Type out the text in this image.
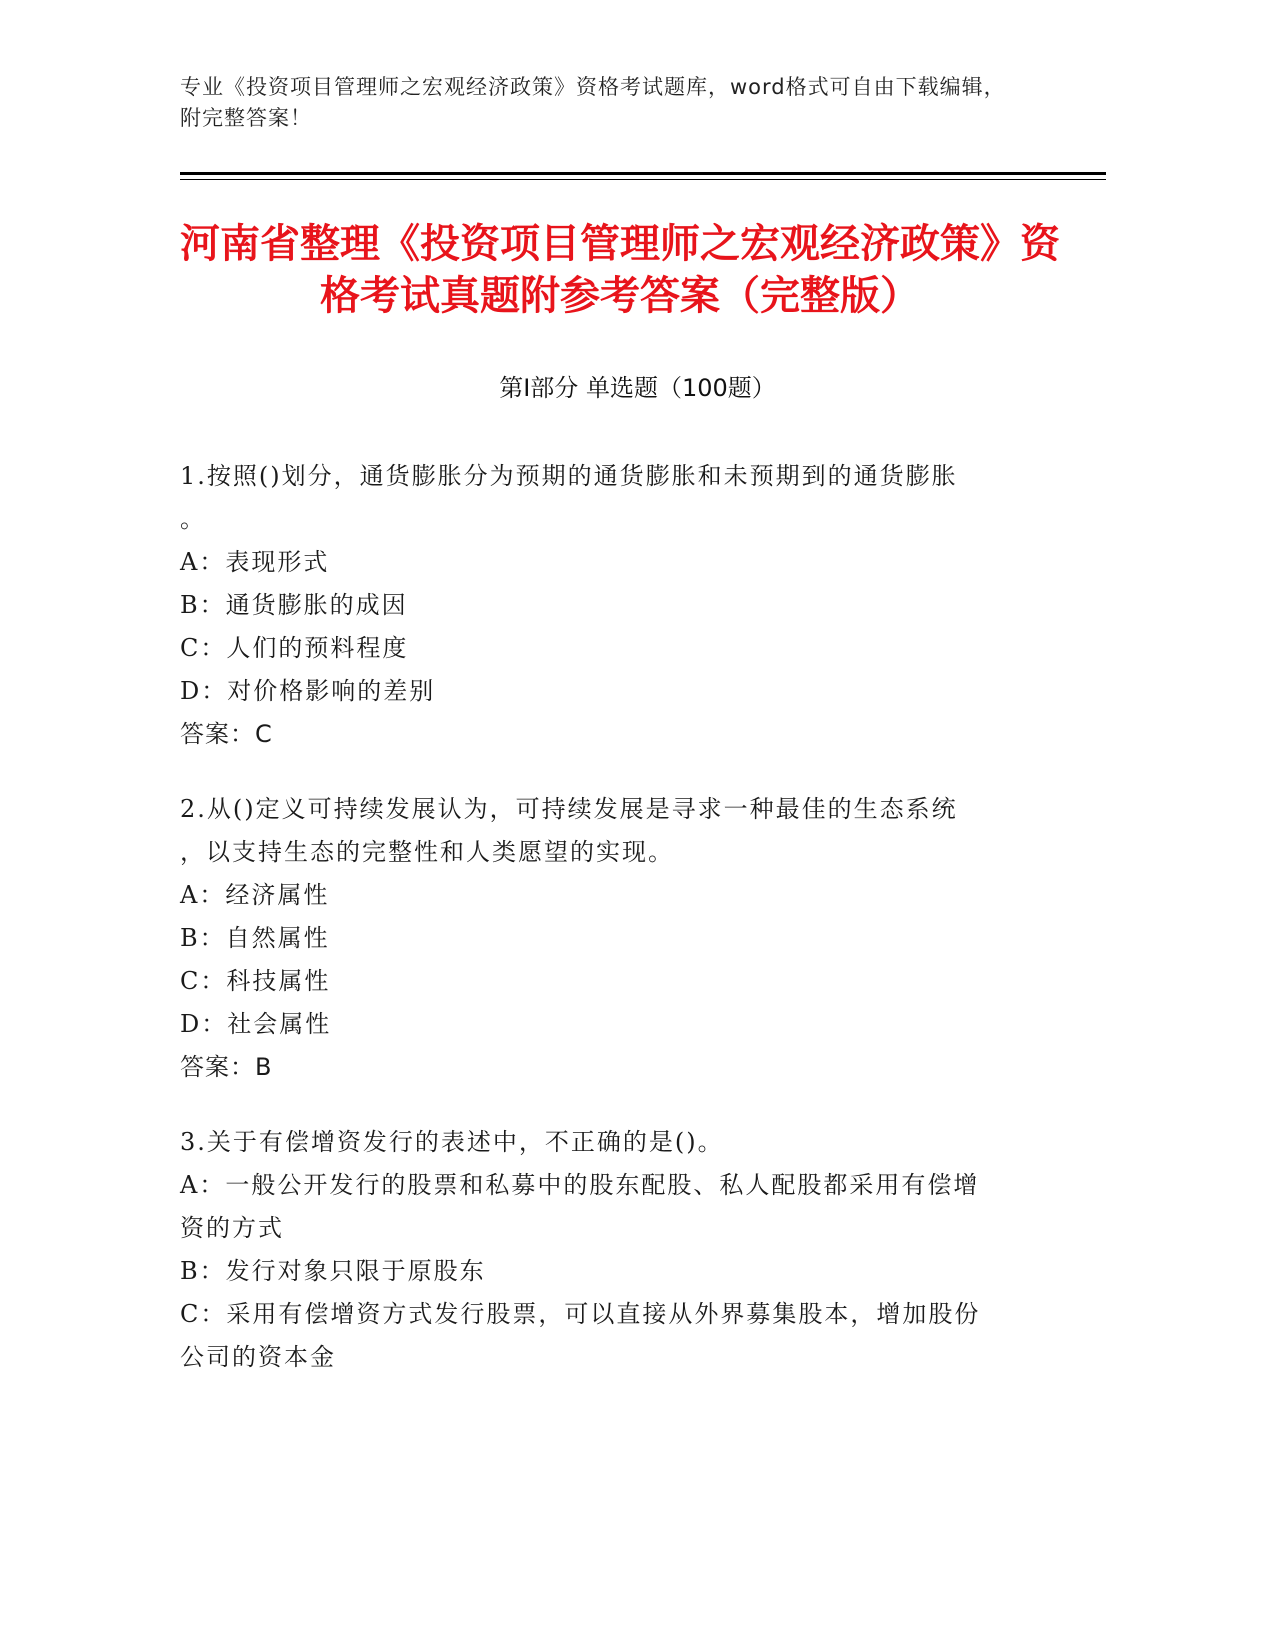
专业《投资项目管理师之宏观经济政策》资格考试题库，word格式可自由下载编辑，附完整答案！
河南省整理《投资项目管理师之宏观经济政策》资格考试真题附参考答案（完整版）
第Ⅰ部分 单选题（100题）
1.按照()划分，通货膨胀分为预期的通货膨胀和未预期到的通货膨胀
。
A：表现形式
B：通货膨胀的成因
C：人们的预料程度
D：对价格影响的差别
答案：C
2.从()定义可持续发展认为，可持续发展是寻求一种最佳的生态系统
，以支持生态的完整性和人类愿望的实现。
A：经济属性
B：自然属性
C：科技属性
D：社会属性
答案：B
3.关于有偿增资发行的表述中，不正确的是()。
A：一般公开发行的股票和私募中的股东配股、私人配股都采用有偿增
资的方式
B：发行对象只限于原股东
C：采用有偿增资方式发行股票，可以直接从外界募集股本，增加股份
公司的资本金
